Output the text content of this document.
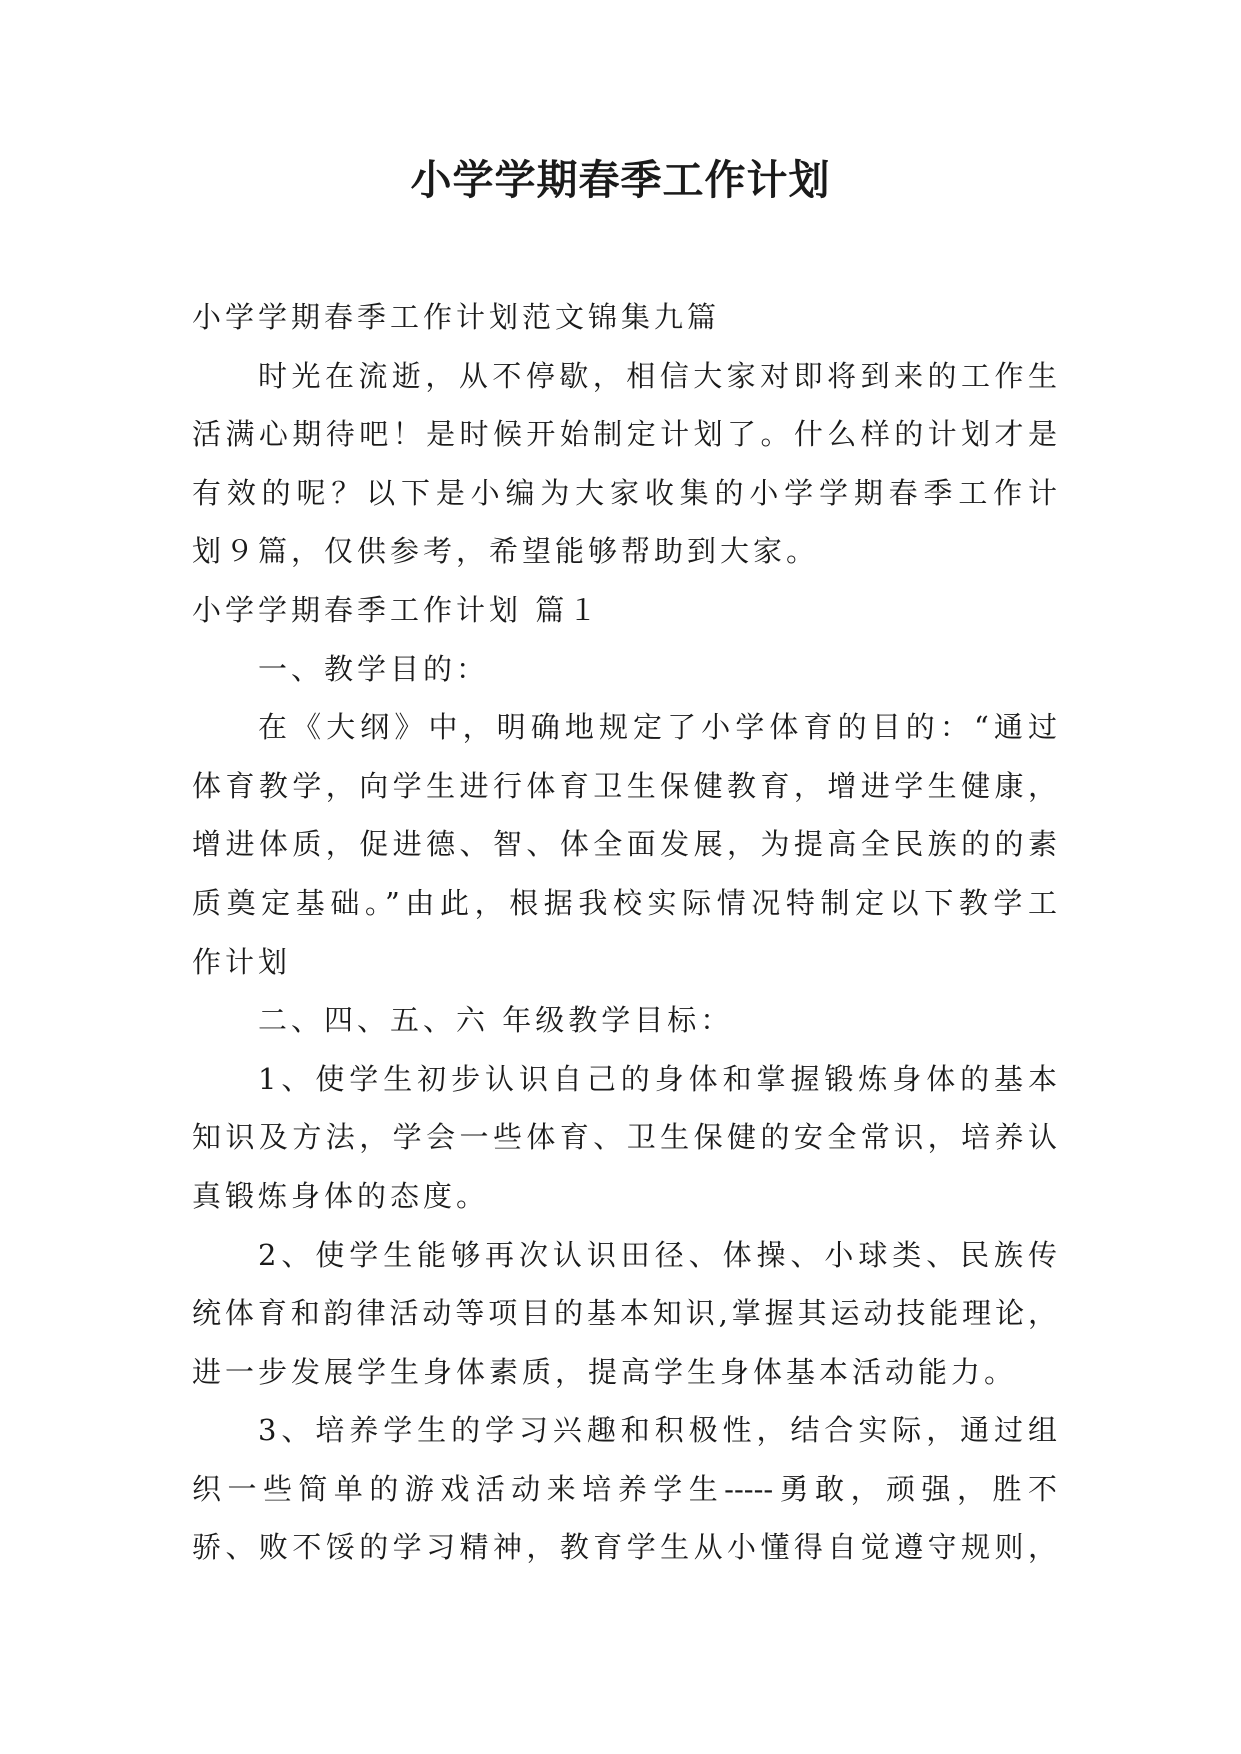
小学学期春季工作计划

小学学期春季工作计划范文锦集九篇

时光在流逝，从不停歇，相信大家对即将到来的工作生

活满心期待吧！是时候开始制定计划了。什么样的计划才是

有效的呢？以下是小编为大家收集的小学学期春季工作计

划９篇，仅供参考，希望能够帮助到大家。

小学学期春季工作计划 篇１

一、教学目的：

在《大纲》中，明确地规定了小学体育的目的：“通过

体育教学，向学生进行体育卫生保健教育，增进学生健康，

增进体质，促进德、智、体全面发展，为提高全民族的的素

质奠定基础。”由此，根据我校实际情况特制定以下教学工

作计划

二、四、五、六 年级教学目标：

1、使学生初步认识自己的身体和掌握锻炼身体的基本

知识及方法，学会一些体育、卫生保健的安全常识，培养认

真锻炼身体的态度。

2、使学生能够再次认识田径、体操、小球类、民族传

统体育和韵律活动等项目的基本知识,掌握其运动技能理论，

进一步发展学生身体素质，提高学生身体基本活动能力。

3、培养学生的学习兴趣和积极性，结合实际，通过组

织一些简单的游戏活动来培养学生-----勇敢，顽强，胜不

骄、败不馁的学习精神，教育学生从小懂得自觉遵守规则，
